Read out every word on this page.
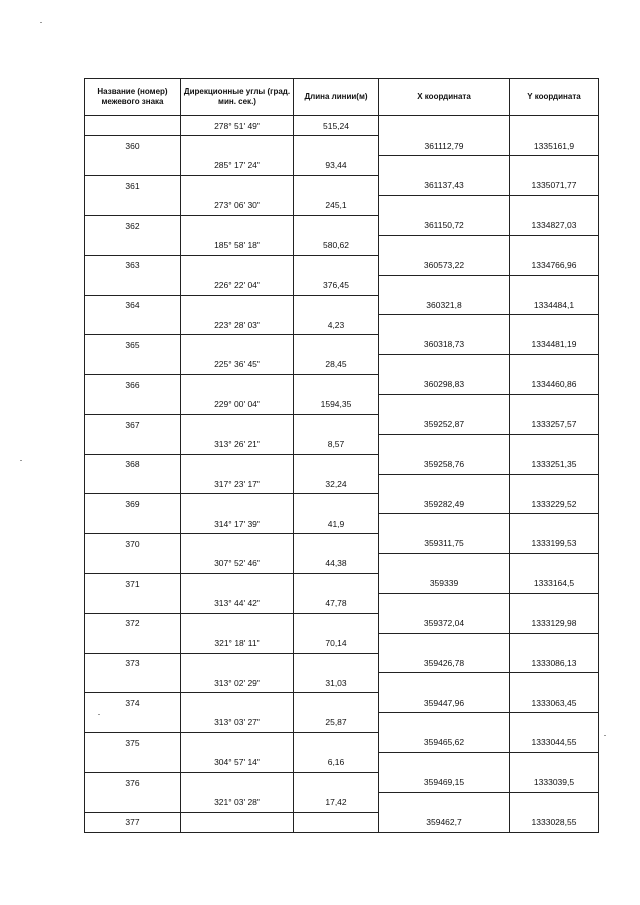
Название (номер) межевого знака	Дирекционные углы (град. мин. сек.)	Длина линии(м)	X координата	Y координата
	278° 51' 49"	515,24		
360			361112,79	1335161,9
	285° 17' 24"	93,44		
361			361137,43	1335071,77
	273° 06' 30"	245,1		
362			361150,72	1334827,03
	185° 58' 18"	580,62		
363			360573,22	1334766,96
	226° 22' 04"	376,45		
364			360321,8	1334484,1
	223° 28' 03"	4,23		
365			360318,73	1334481,19
	225° 36' 45"	28,45		
366			360298,83	1334460,86
	229° 00' 04"	1594,35		
367			359252,87	1333257,57
	313° 26' 21"	8,57		
368			359258,76	1333251,35
	317° 23' 17"	32,24		
369			359282,49	1333229,52
	314° 17' 39"	41,9		
370			359311,75	1333199,53
	307° 52' 46"	44,38		
371			359339	1333164,5
	313° 44' 42"	47,78		
372			359372,04	1333129,98
	321° 18' 11"	70,14		
373			359426,78	1333086,13
	313° 02' 29"	31,03		
374			359447,96	1333063,45
	313° 03' 27"	25,87		
375			359465,62	1333044,55
	304° 57' 14"	6,16		
376			359469,15	1333039,5
	321° 03' 28"	17,42		
377			359462,7	1333028,55
